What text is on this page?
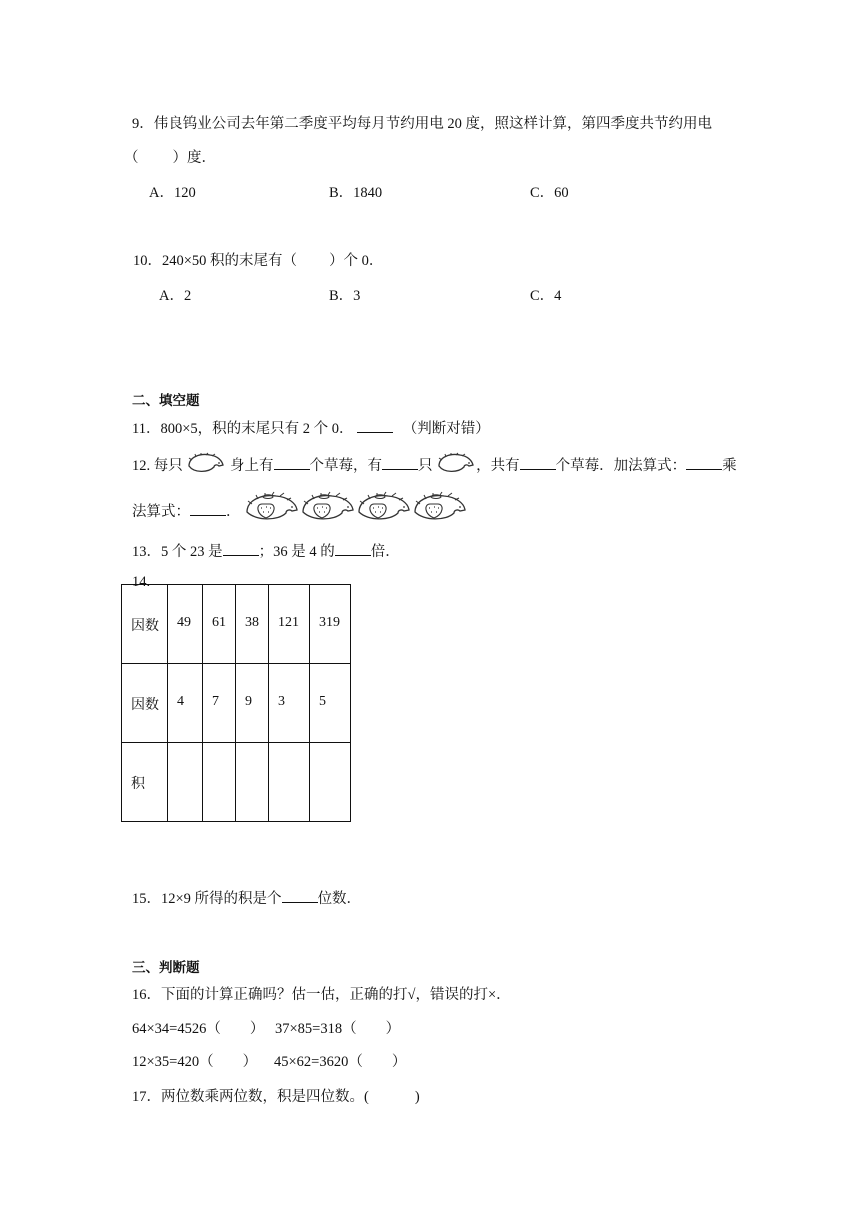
9．伟良钨业公司去年第二季度平均每月节约用电 20 度，照这样计算，第四季度共节约用电
（ ）度．
A．120	B．1840	C．60
10．240×50 积的末尾有（ ）个 0．
A．2	B．3	C．4
二、填空题
11．800×5，积的末尾只有 2 个 0．	（判断对错）
12. 每只	身上有 个草莓，有 只	，共有 个草莓．加法算式： 乘
法算式： ．
13．5 个 23 是 ；36 是 4 的 倍．
14.
因数	49	61	38	121	319
因数	4	7	9	3	5
积					
15．12×9 所得的积是个 位数．
三、判断题
16．下面的计算正确吗？估一估，正确的打√，错误的打×．
64×34=4526（　　） 37×85=318（　　）
12×35=420（　　） 45×62=3620（　　）
17．两位数乘两位数，积是四位数。(	)
